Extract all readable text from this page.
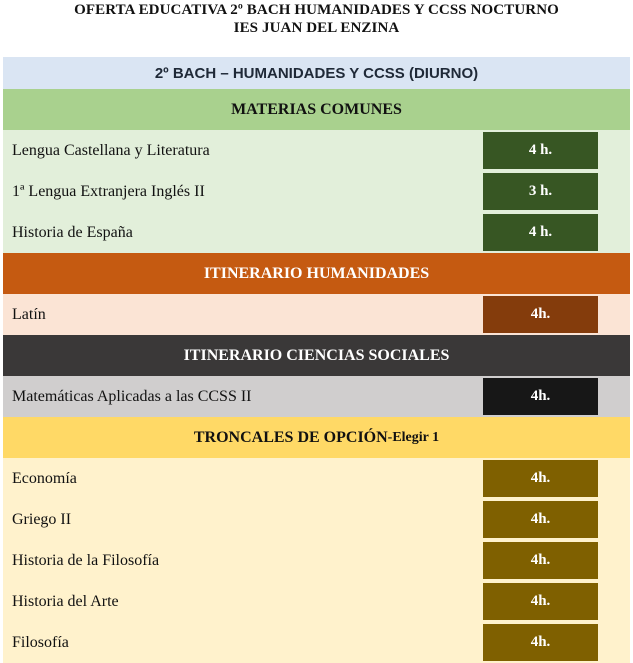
OFERTA EDUCATIVA 2º BACH HUMANIDADES Y CCSS NOCTURNO
IES JUAN DEL ENZINA
2º BACH – HUMANIDADES Y CCSS (DIURNO)
MATERIAS COMUNES
Lengua Castellana y Literatura	4 h.
1ª Lengua Extranjera Inglés II	3 h.
Historia de España	4 h.
ITINERARIO HUMANIDADES
Latín	4h.
ITINERARIO CIENCIAS SOCIALES
Matemáticas Aplicadas a las CCSS II	4h.
TRONCALES DE OPCIÓN -Elegir 1
Economía	4h.
Griego II	4h.
Historia de la Filosofía	4h.
Historia del Arte	4h.
Filosofía	4h.
